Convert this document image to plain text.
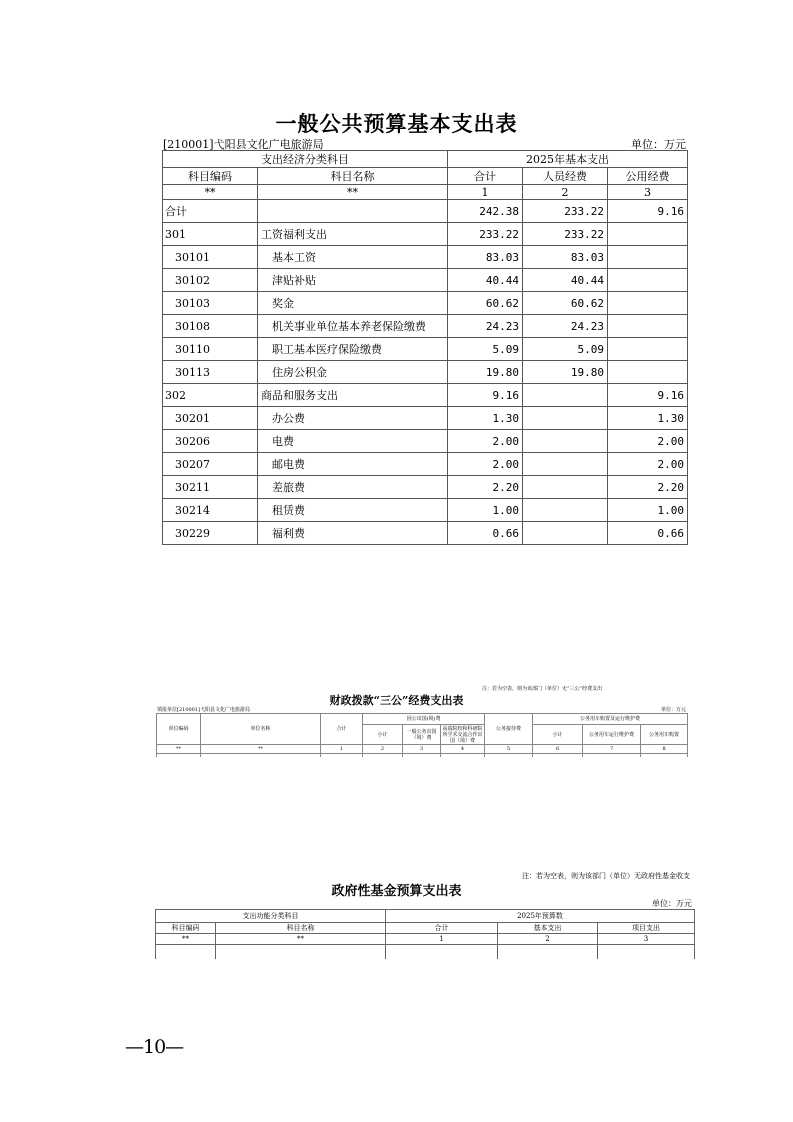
一般公共预算基本支出表
[210001]弋阳县文化广电旅游局	单位：万元
支出经济分类科目		2025年基本支出		
科目编码	科目名称	合计	人员经费	公用经费
**	**	1	2	3
合计		242.38	233.22	9.16
301	工资福利支出	233.22	233.22	
30101	基本工资	83.03	83.03	
30102	津贴补贴	40.44	40.44	
30103	奖金	60.62	60.62	
30108	机关事业单位基本养老保险缴费	24.23	24.23	
30110	职工基本医疗保险缴费	5.09	5.09	
30113	住房公积金	19.80	19.80	
302	商品和服务支出	9.16		9.16
30201	办公费	1.30		1.30
30206	电费	2.00		2.00
30207	邮电费	2.00		2.00
30211	差旅费	2.20		2.20
30214	租赁费	1.00		1.00
30229	福利费	0.66		0.66
注：若为空表，则为该部门（单位）无“三公”经费支出
财政拨款“三公”经费支出表
填报单位[210001]弋阳县文化广电旅游局	单位：万元
单位编码	单位名称	合计	因公出国(境)费			公务接待费	公务用车购置及运行维护费		
			小计	一般公务出国（境）费	高端院校和科研院所学术交流合作出国（境）费		小计	公务用车运行维护费	公务用车购置
**	**	1	2	3	4	5	6	7	8

注：若为空表，则为该部门（单位）无政府性基金收支
政府性基金预算支出表
单位：万元
支出功能分类科目		2025年预算数		
科目编码	科目名称	合计	基本支出	项目支出
**	**	1	2	3

—10—
